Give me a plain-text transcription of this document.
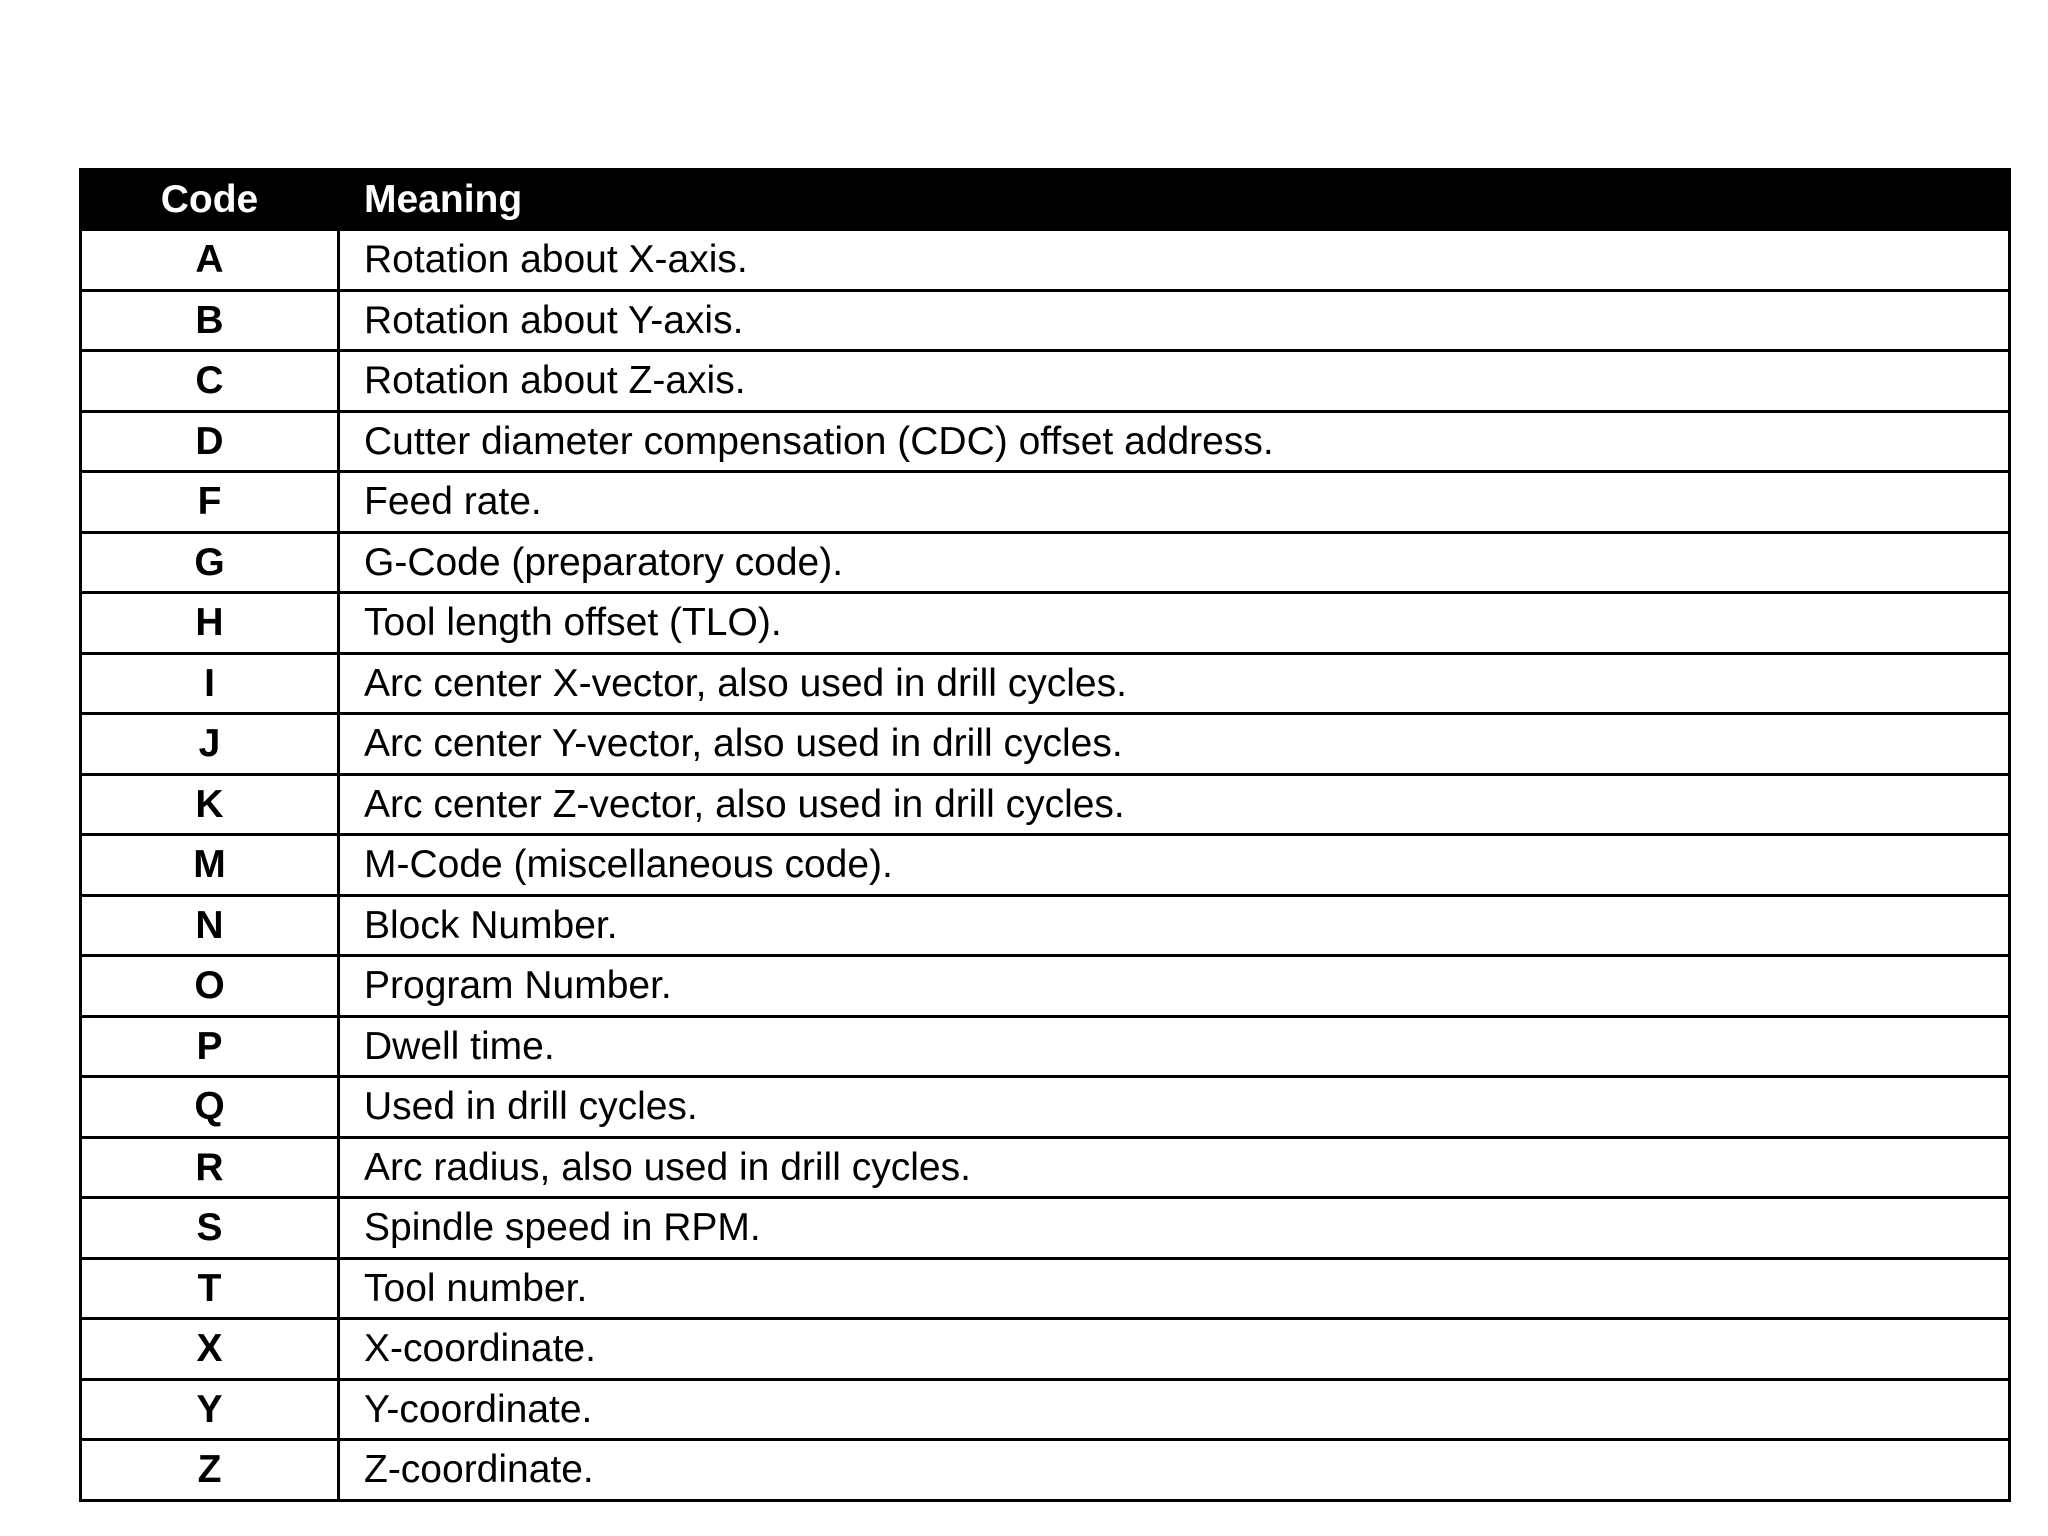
Code	Meaning
A	Rotation about X-axis.
B	Rotation about Y-axis.
C	Rotation about Z-axis.
D	Cutter diameter compensation (CDC) offset address.
F	Feed rate.
G	G-Code (preparatory code).
H	Tool length offset (TLO).
I	Arc center X-vector, also used in drill cycles.
J	Arc center Y-vector, also used in drill cycles.
K	Arc center Z-vector, also used in drill cycles.
M	M-Code (miscellaneous code).
N	Block Number.
O	Program Number.
P	Dwell time.
Q	Used in drill cycles.
R	Arc radius, also used in drill cycles.
S	Spindle speed in RPM.
T	Tool number.
X	X-coordinate.
Y	Y-coordinate.
Z	Z-coordinate.
